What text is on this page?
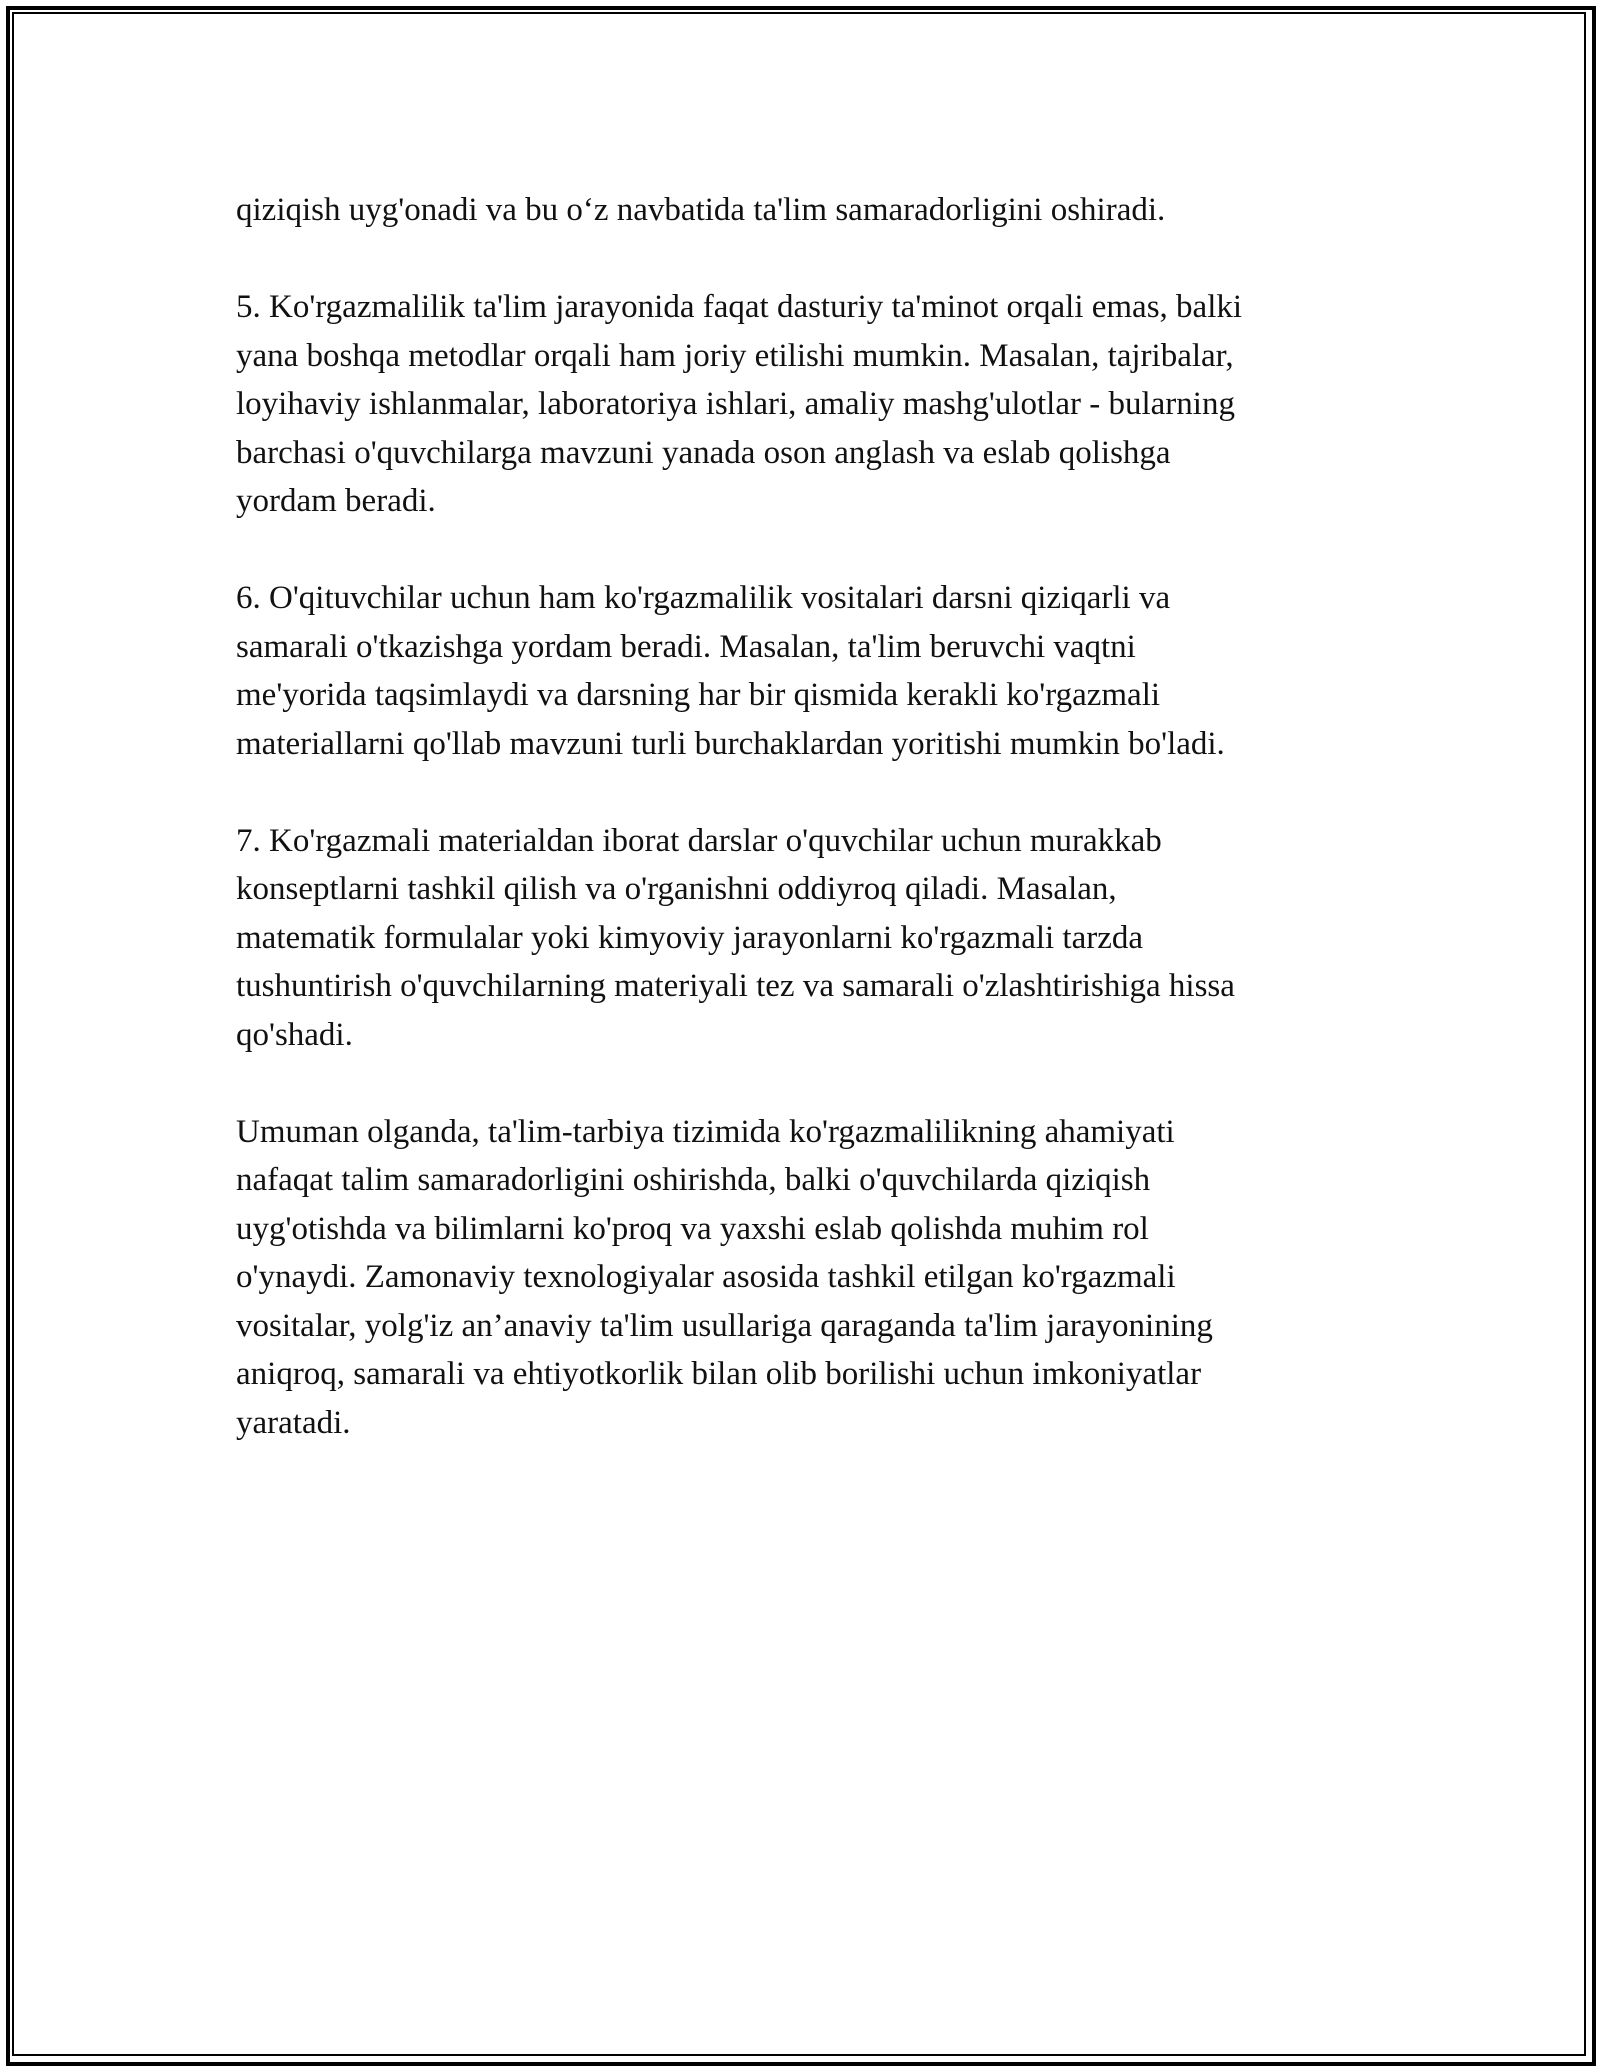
qiziqish uyg'onadi va bu o‘z navbatida ta'lim samaradorligini oshiradi.

5. Ko'rgazmalilik ta'lim jarayonida faqat dasturiy ta'minot orqali emas, balki
yana boshqa metodlar orqali ham joriy etilishi mumkin. Masalan, tajribalar,
loyihaviy ishlanmalar, laboratoriya ishlari, amaliy mashg'ulotlar - bularning
barchasi o'quvchilarga mavzuni yanada oson anglash va eslab qolishga
yordam beradi.

6. O'qituvchilar uchun ham ko'rgazmalilik vositalari darsni qiziqarli va
samarali o'tkazishga yordam beradi. Masalan, ta'lim beruvchi vaqtni
me'yorida taqsimlaydi va darsning har bir qismida kerakli ko'rgazmali
materiallarni qo'llab mavzuni turli burchaklardan yoritishi mumkin bo'ladi.

7. Ko'rgazmali materialdan iborat darslar o'quvchilar uchun murakkab
konseptlarni tashkil qilish va o'rganishni oddiyroq qiladi. Masalan,
matematik formulalar yoki kimyoviy jarayonlarni ko'rgazmali tarzda
tushuntirish o'quvchilarning materiyali tez va samarali o'zlashtirishiga hissa
qo'shadi.

Umuman olganda, ta'lim-tarbiya tizimida ko'rgazmalilikning ahamiyati
nafaqat talim samaradorligini oshirishda, balki o'quvchilarda qiziqish
uyg'otishda va bilimlarni ko'proq va yaxshi eslab qolishda muhim rol
o'ynaydi. Zamonaviy texnologiyalar asosida tashkil etilgan ko'rgazmali
vositalar, yolg'iz an’anaviy ta'lim usullariga qaraganda ta'lim jarayonining
aniqroq, samarali va ehtiyotkorlik bilan olib borilishi uchun imkoniyatlar
yaratadi.
